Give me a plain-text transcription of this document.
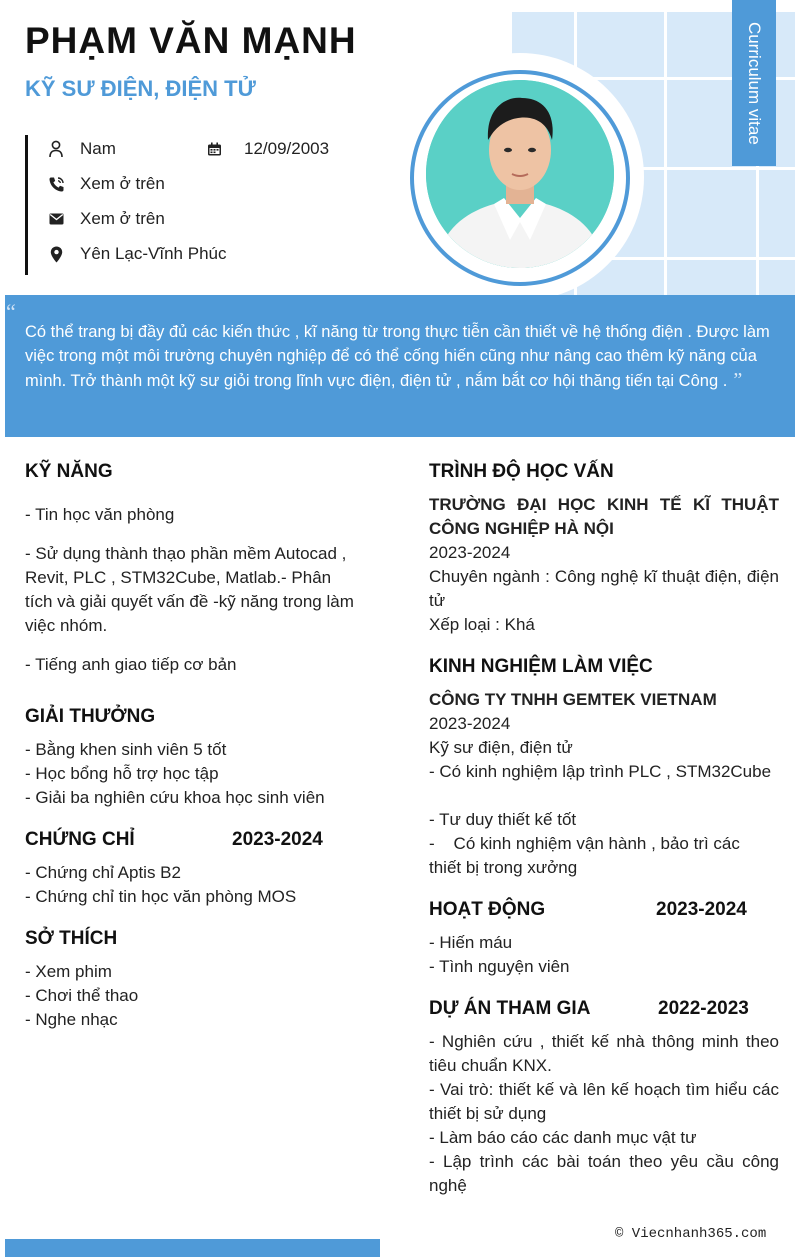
Curriculum vitae
PHẠM VĂN MẠNH
KỸ SƯ ĐIỆN, ĐIỆN TỬ
Nam	12/09/2003
Xem ở trên
Xem ở trên
Yên Lạc-Vĩnh Phúc
“

Có thể trang bị đầy đủ các kiến thức , kĩ năng từ trong thực tiễn cần thiết về hệ thống điện . Được làm việc trong một môi trường chuyên nghiệp để có thể cống hiến cũng như nâng cao thêm kỹ năng của mình. Trở thành một kỹ sư giỏi trong lĩnh vực điện, điện tử , nắm bắt cơ hội thăng tiến tại Công . ”

KỸ NĂNG
- Tin học văn phòng
- Sử dụng thành thạo phần mềm Autocad , Revit, PLC , STM32Cube, Matlab.- Phân tích và giải quyết vấn đề -kỹ năng trong làm việc nhóm.
- Tiếng anh giao tiếp cơ bản
GIẢI THƯỞNG
- Bằng khen sinh viên 5 tốt
- Học bổng hỗ trợ học tập
- Giải ba nghiên cứu khoa học sinh viên
CHỨNG CHỈ	2023-2024
- Chứng chỉ Aptis B2
- Chứng chỉ tin học văn phòng MOS
SỞ THÍCH
- Xem phim
- Chơi thể thao
- Nghe nhạc
TRÌNH ĐỘ HỌC VẤN
TRƯỜNG ĐẠI HỌC KINH TẾ KĨ THUẬT CÔNG NGHIỆP HÀ NỘI
2023-2024
Chuyên ngành : Công nghệ kĩ thuật điện, điện tử
Xếp loại : Khá
KINH NGHIỆM LÀM VIỆC
CÔNG TY TNHH GEMTEK VIETNAM
2023-2024
Kỹ sư điện, điện tử
- Có kinh nghiệm lập trình PLC , STM32Cube
- Tư duy thiết kế tốt
-    Có kinh nghiệm vận hành , bảo trì các thiết bị trong xưởng
HOẠT ĐỘNG	2023-2024
- Hiến máu
- Tình nguyện viên
DỰ ÁN THAM GIA	2022-2023
- Nghiên cứu , thiết kế nhà thông minh theo tiêu chuẩn KNX.
- Vai trò: thiết kế và lên kế hoạch tìm hiểu các thiết bị sử dụng
- Làm báo cáo các danh mục vật tư
- Lập trình các bài toán theo yêu cầu công nghệ
© Viecnhanh365.com
